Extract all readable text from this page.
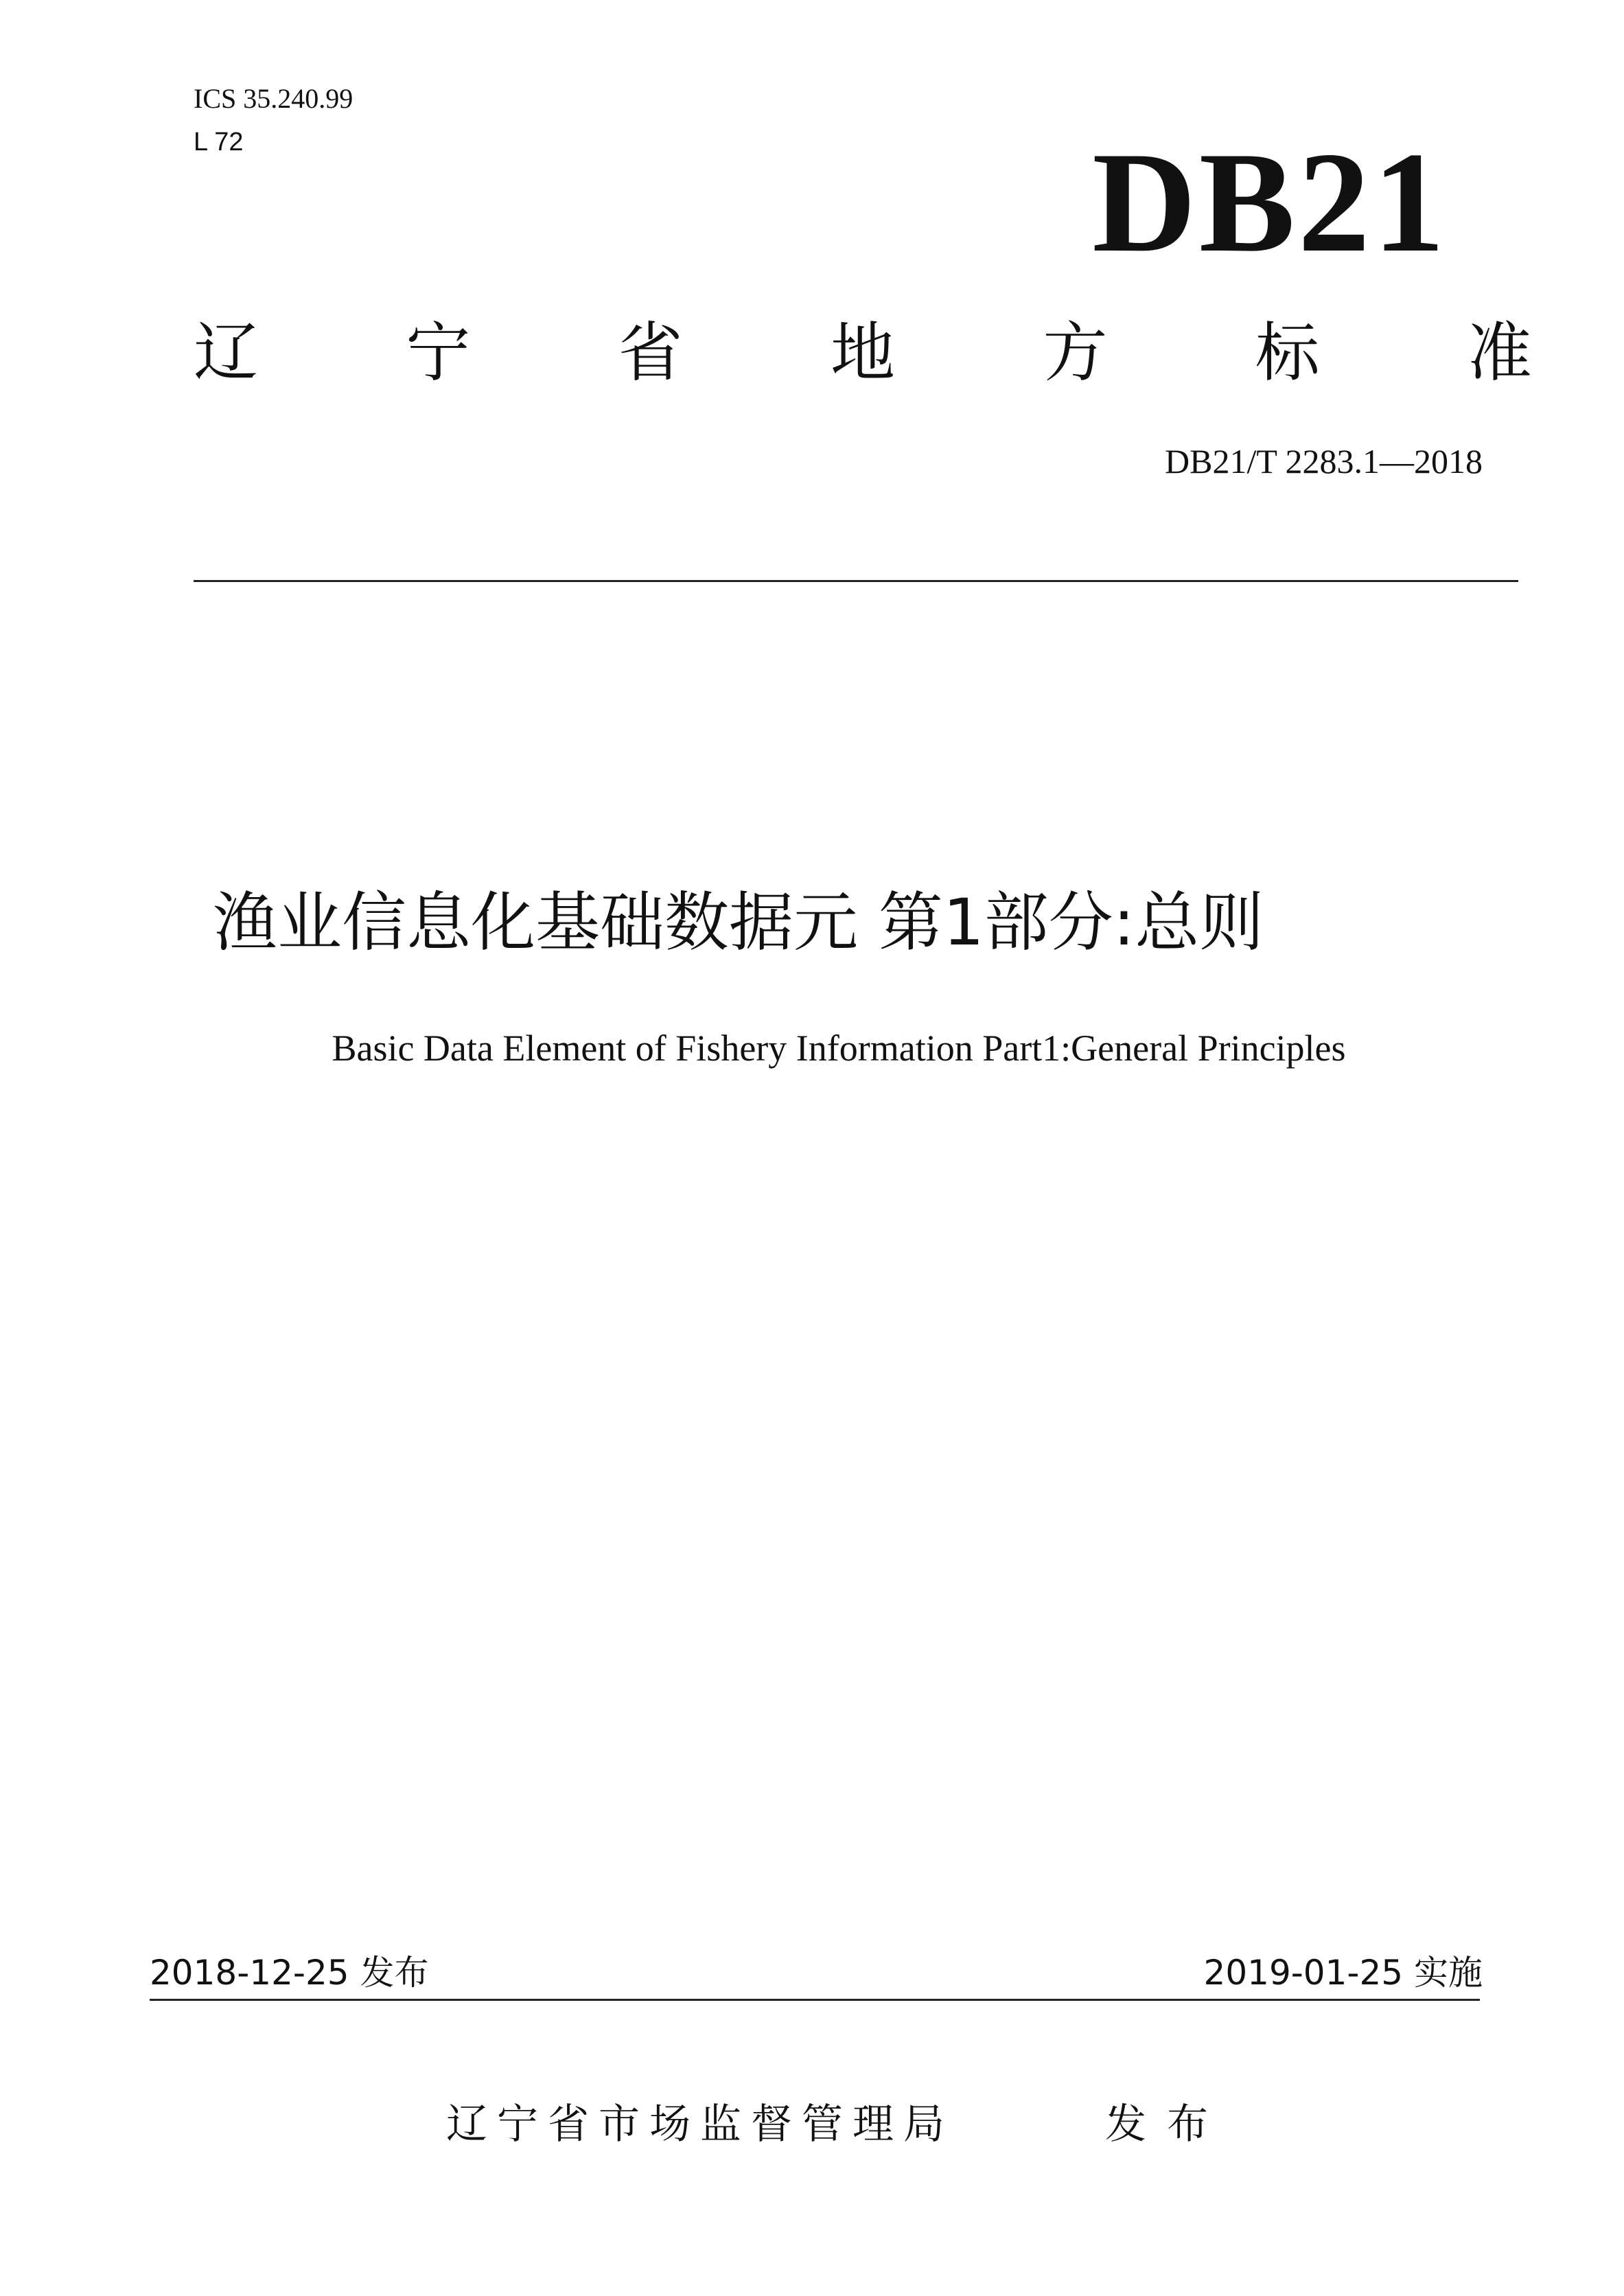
ICS 35.240.99
L 72	DB21
辽 宁 省 地 方 标 准
DB21/T 2283.1—2018
渔业信息化基础数据元 第1部分:总则
Basic Data Element of Fishery Information Part1:General Principles
2018-12-25 发布	2019-01-25 实施
辽宁省市场监督管理局	发布
